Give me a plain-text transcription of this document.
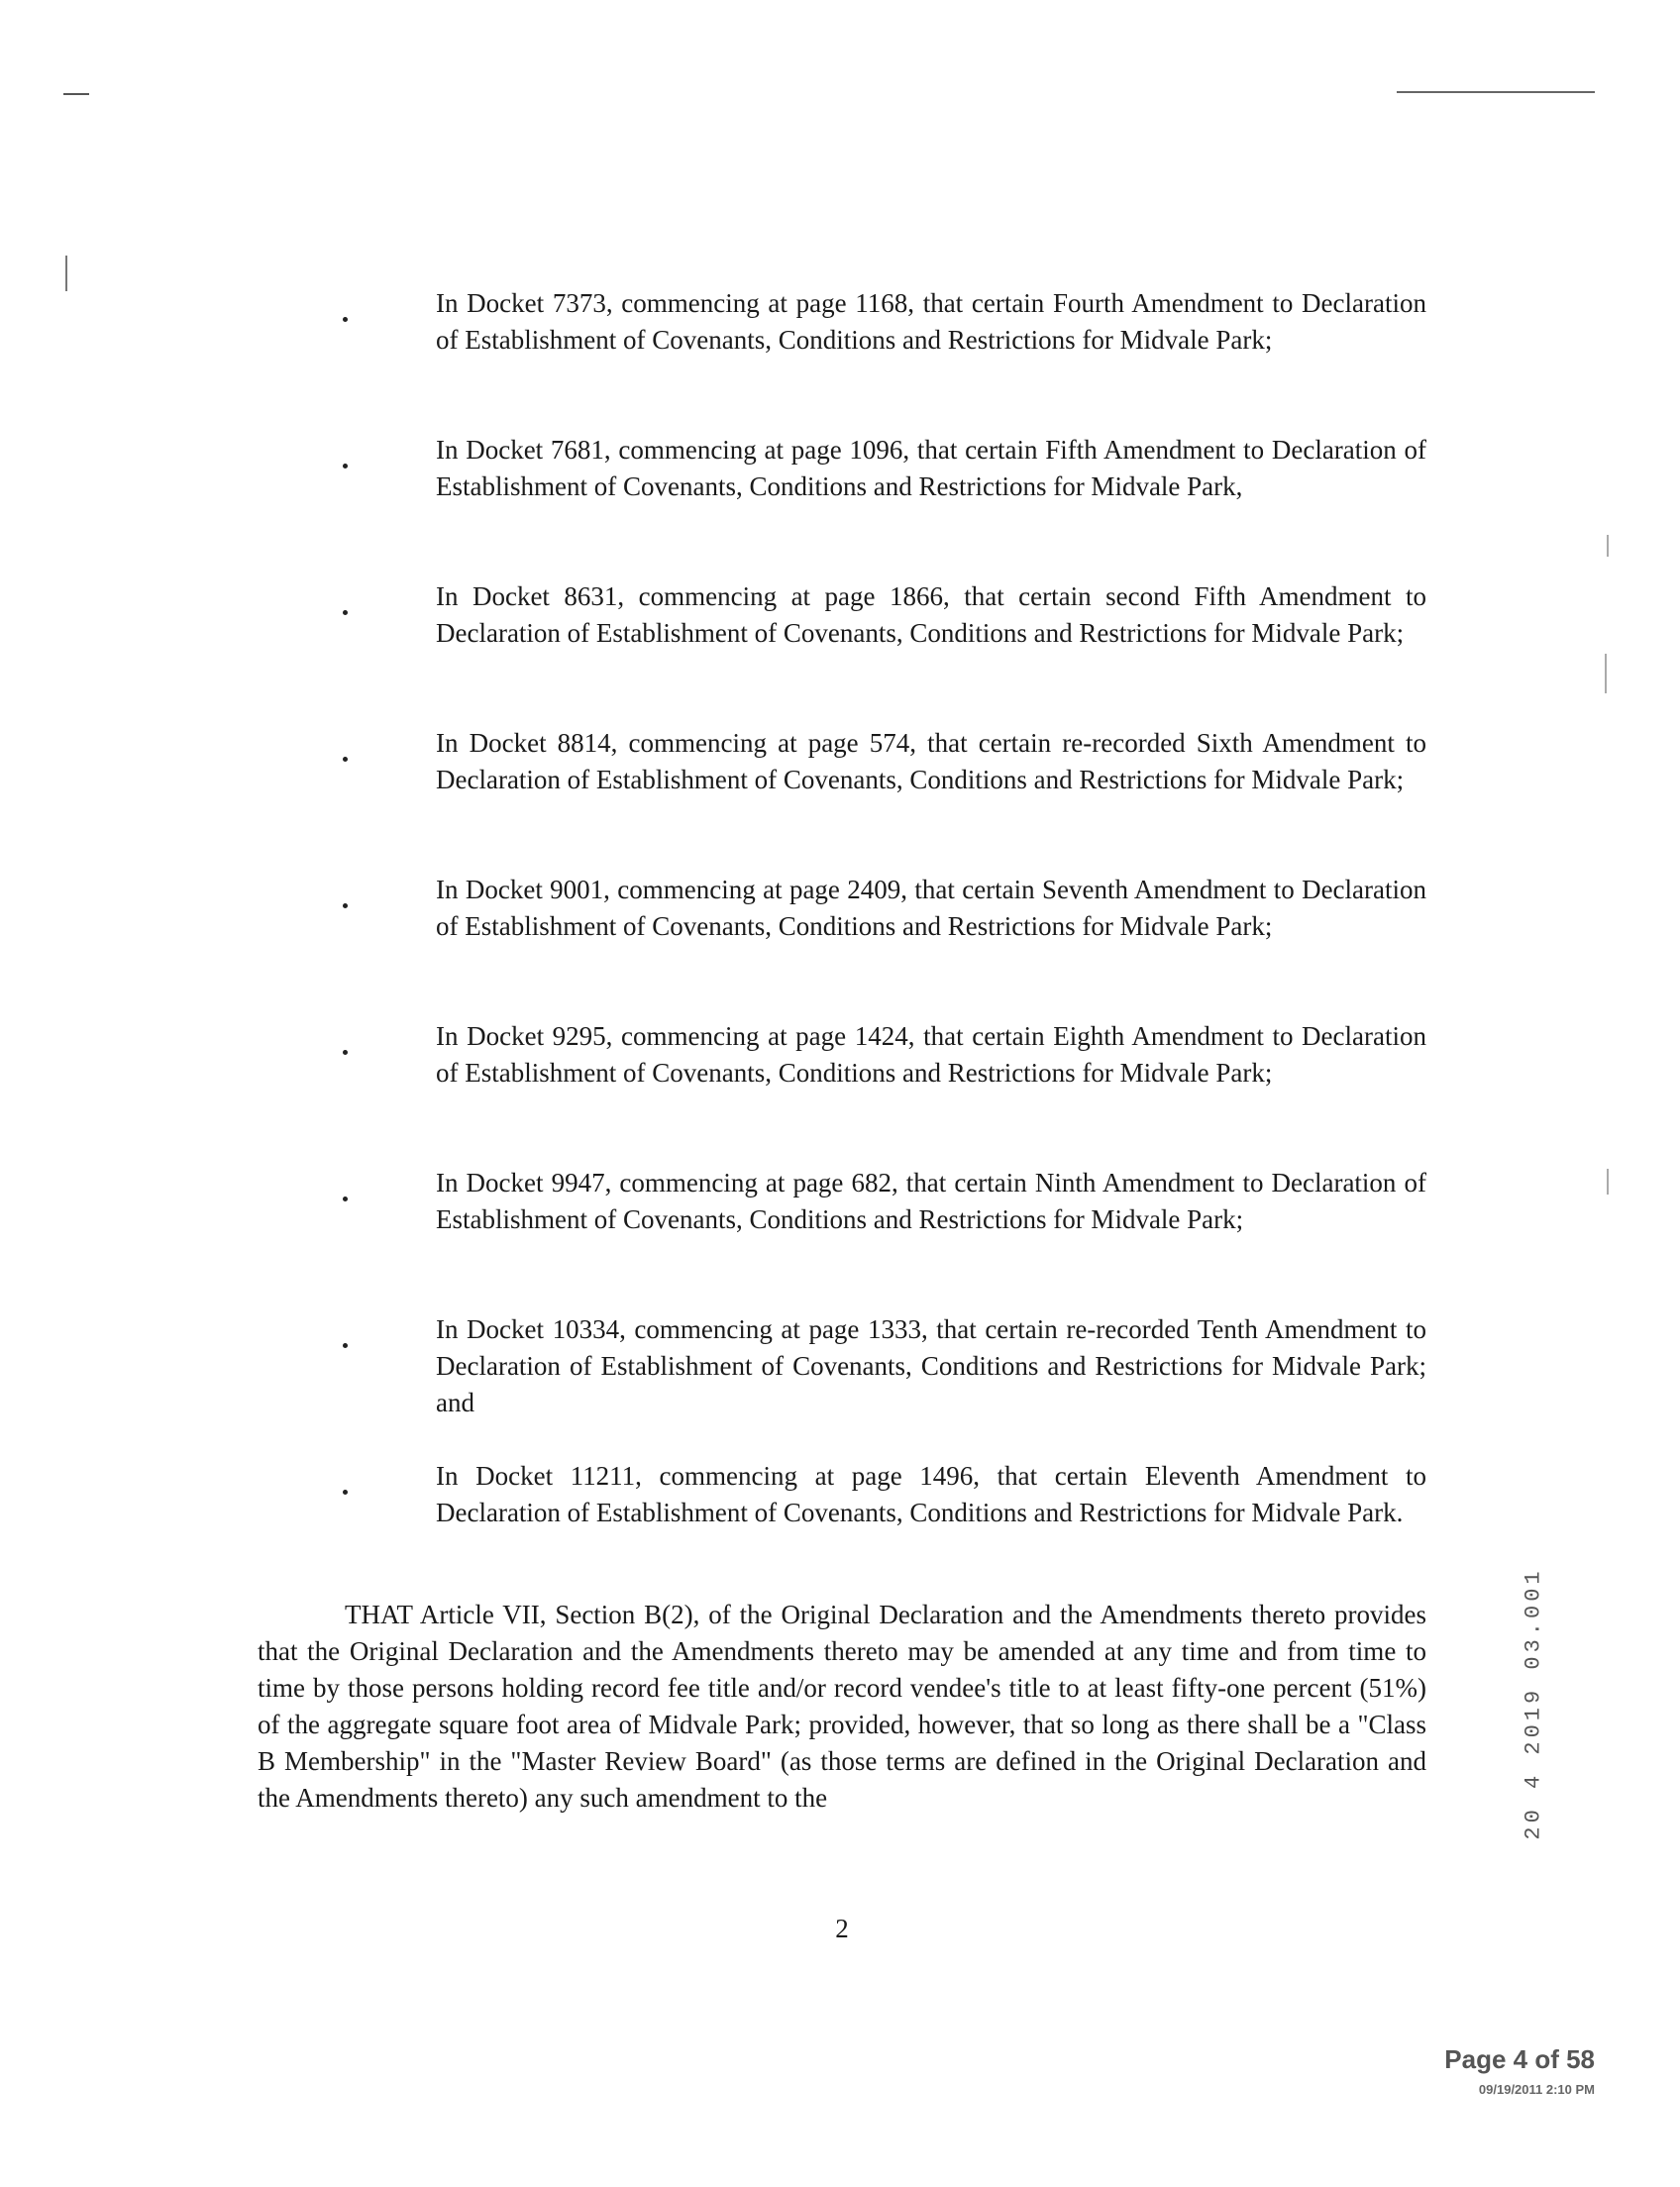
In Docket 7373, commencing at page 1168, that certain Fourth Amendment to Declaration of Establishment of Covenants, Conditions and Restrictions for Midvale Park;
In Docket 7681, commencing at page 1096, that certain Fifth Amendment to Declaration of Establishment of Covenants, Conditions and Restrictions for Midvale Park,
In Docket 8631, commencing at page 1866, that certain second Fifth Amendment to Declaration of Establishment of Covenants, Conditions and Restrictions for Midvale Park;
In Docket 8814, commencing at page 574, that certain re-recorded Sixth Amendment to Declaration of Establishment of Covenants, Conditions and Restrictions for Midvale Park;
In Docket 9001, commencing at page 2409, that certain Seventh Amendment to Declaration of Establishment of Covenants, Conditions and Restrictions for Midvale Park;
In Docket 9295, commencing at page 1424, that certain Eighth Amendment to Declaration of Establishment of Covenants, Conditions and Restrictions for Midvale Park;
In Docket 9947, commencing at page 682, that certain Ninth Amendment to Declaration of Establishment of Covenants, Conditions and Restrictions for Midvale Park;
In Docket 10334, commencing at page 1333, that certain re-recorded Tenth Amendment to Declaration of Establishment of Covenants, Conditions and Restrictions for Midvale Park; and
In Docket 11211, commencing at page 1496, that certain Eleventh Amendment to Declaration of Establishment of Covenants, Conditions and Restrictions for Midvale Park.
THAT Article VII, Section B(2), of the Original Declaration and the Amendments thereto provides that the Original Declaration and the Amendments thereto may be amended at any time and from time to time by those persons holding record fee title and/or record vendee's title to at least fifty-one percent (51%) of the aggregate square foot area of Midvale Park; provided, however, that so long as there shall be a "Class B Membership" in the "Master Review Board" (as those terms are defined in the Original Declaration and the Amendments thereto) any such amendment to the
2
20 4 2019 03.001
Page 4 of 58
09/19/2011 2:10 PM
